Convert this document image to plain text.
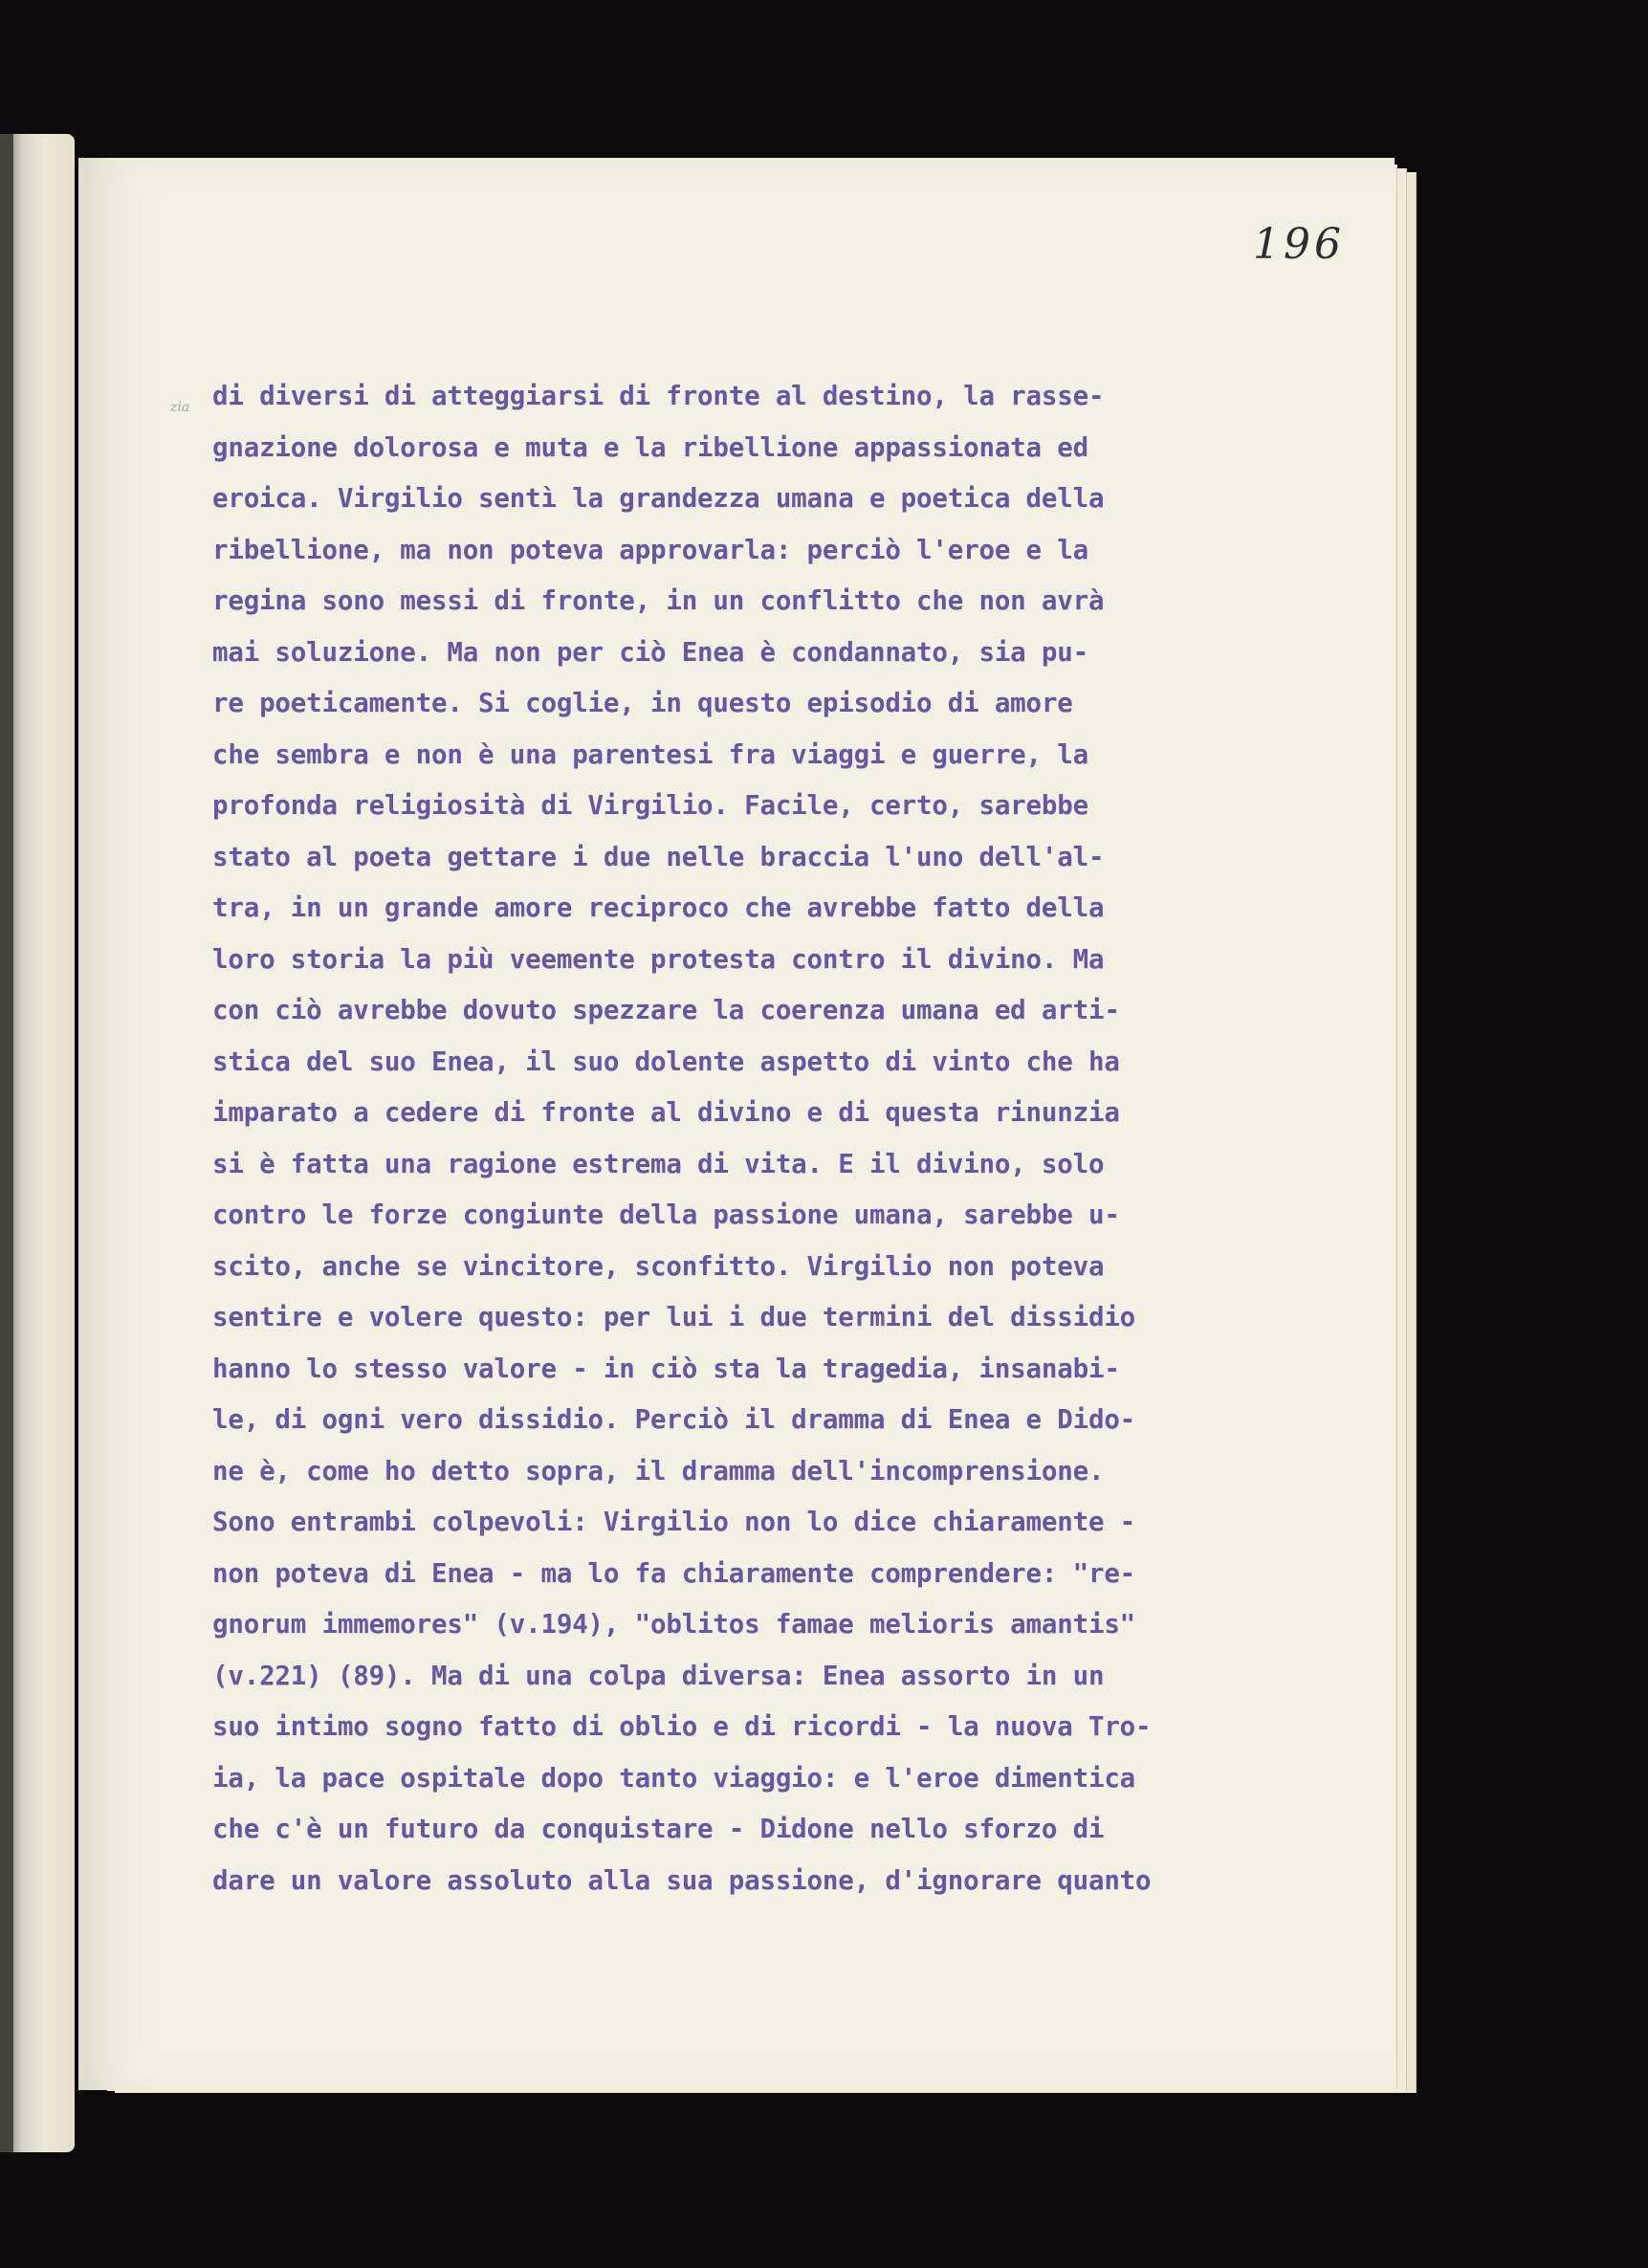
196
zia di diversi di atteggiarsi di fronte al destino, la rasse-
gnazione dolorosa e muta e la ribellione appassionata ed
eroica. Virgilio sentì la grandezza umana e poetica della
ribellione, ma non poteva approvarla: perciò l'eroe e la
regina sono messi di fronte, in un conflitto che non avrà
mai soluzione. Ma non per ciò Enea è condannato, sia pu-
re poeticamente. Si coglie, in questo episodio di amore
che sembra e non è una parentesi fra viaggi e guerre, la
profonda religiosità di Virgilio. Facile, certo, sarebbe
stato al poeta gettare i due nelle braccia l'uno dell'al-
tra, in un grande amore reciproco che avrebbe fatto della
loro storia la più veemente protesta contro il divino. Ma
con ciò avrebbe dovuto spezzare la coerenza umana ed arti-
stica del suo Enea, il suo dolente aspetto di vinto che ha
imparato a cedere di fronte al divino e di questa rinunzia
si è fatta una ragione estrema di vita. E il divino, solo
contro le forze congiunte della passione umana, sarebbe u-
scito, anche se vincitore, sconfitto. Virgilio non poteva
sentire e volere questo: per lui i due termini del dissidio
hanno lo stesso valore - in ciò sta la tragedia, insanabi-
le, di ogni vero dissidio. Perciò il dramma di Enea e Dido-
ne è, come ho detto sopra, il dramma dell'incomprensione.
Sono entrambi colpevoli: Virgilio non lo dice chiaramente -
non poteva di Enea - ma lo fa chiaramente comprendere: "re-
gnorum immemores" (v.194), "oblitos famae melioris amantis"
(v.221) (89). Ma di una colpa diversa: Enea assorto in un
suo intimo sogno fatto di oblio e di ricordi - la nuova Tro-
ia, la pace ospitale dopo tanto viaggio: e l'eroe dimentica
che c'è un futuro da conquistare - Didone nello sforzo di
dare un valore assoluto alla sua passione, d'ignorare quanto
